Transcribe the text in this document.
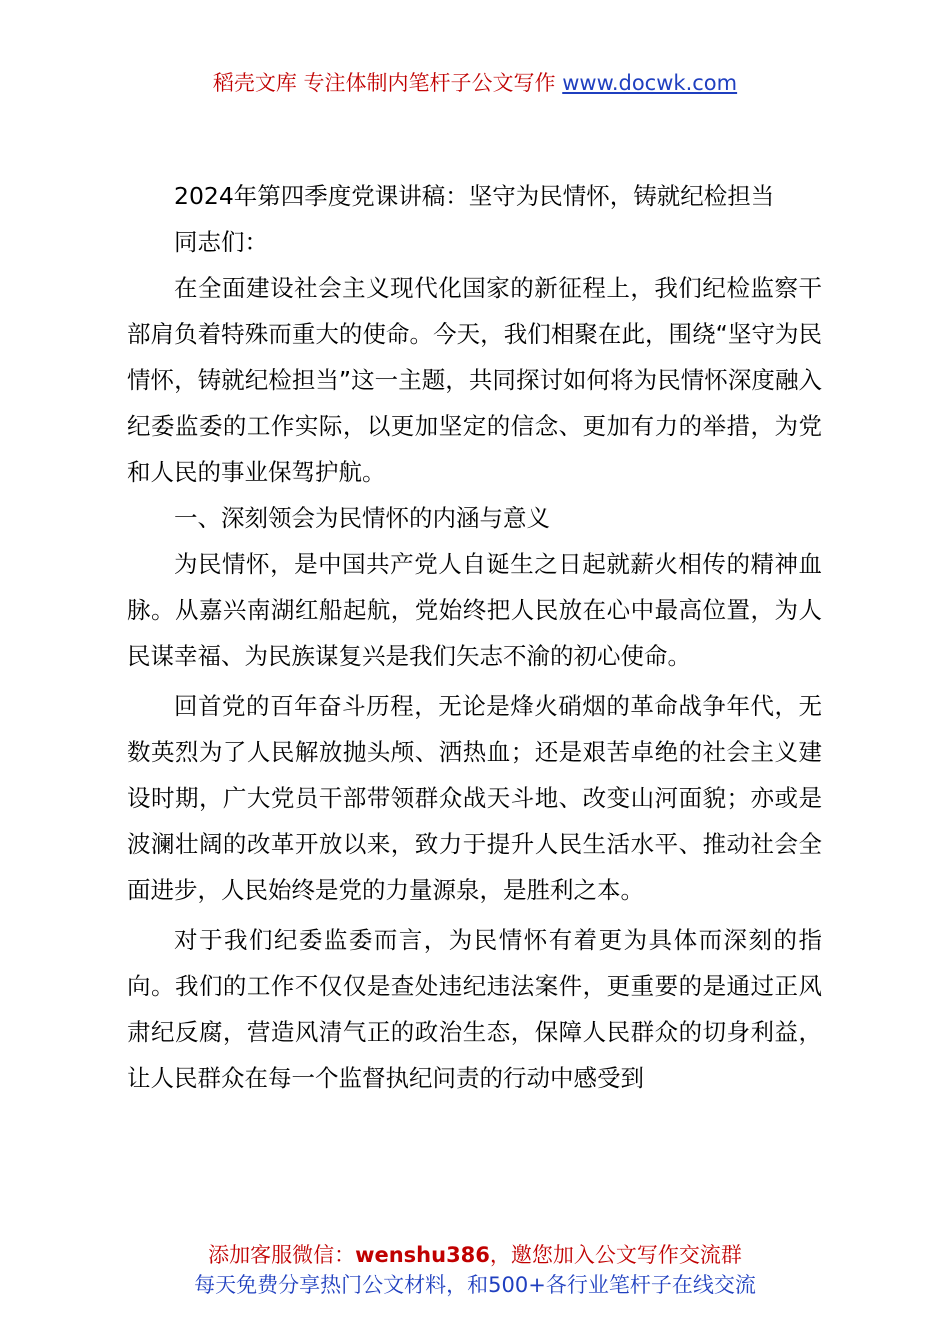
稻壳文库 专注体制内笔杆子公文写作 www.docwk.com

2024年第四季度党课讲稿：坚守为民情怀，铸就纪检担当

同志们：

在全面建设社会主义现代化国家的新征程上，我们纪检监察干部肩负着特殊而重大的使命。今天，我们相聚在此，围绕“坚守为民情怀，铸就纪检担当”这一主题，共同探讨如何将为民情怀深度融入纪委监委的工作实际，以更加坚定的信念、更加有力的举措，为党和人民的事业保驾护航。

一、深刻领会为民情怀的内涵与意义

为民情怀，是中国共产党人自诞生之日起就薪火相传的精神血脉。从嘉兴南湖红船起航，党始终把人民放在心中最高位置，为人民谋幸福、为民族谋复兴是我们矢志不渝的初心使命。

回首党的百年奋斗历程，无论是烽火硝烟的革命战争年代，无数英烈为了人民解放抛头颅、洒热血；还是艰苦卓绝的社会主义建设时期，广大党员干部带领群众战天斗地、改变山河面貌；亦或是波澜壮阔的改革开放以来，致力于提升人民生活水平、推动社会全面进步，人民始终是党的力量源泉，是胜利之本。

对于我们纪委监委而言，为民情怀有着更为具体而深刻的指向。我们的工作不仅仅是查处违纪违法案件，更重要的是通过正风肃纪反腐，营造风清气正的政治生态，保障人民群众的切身利益，让人民群众在每一个监督执纪问责的行动中感受到

添加客服微信：wenshu386，邀您加入公文写作交流群
每天免费分享热门公文材料，和500+各行业笔杆子在线交流
